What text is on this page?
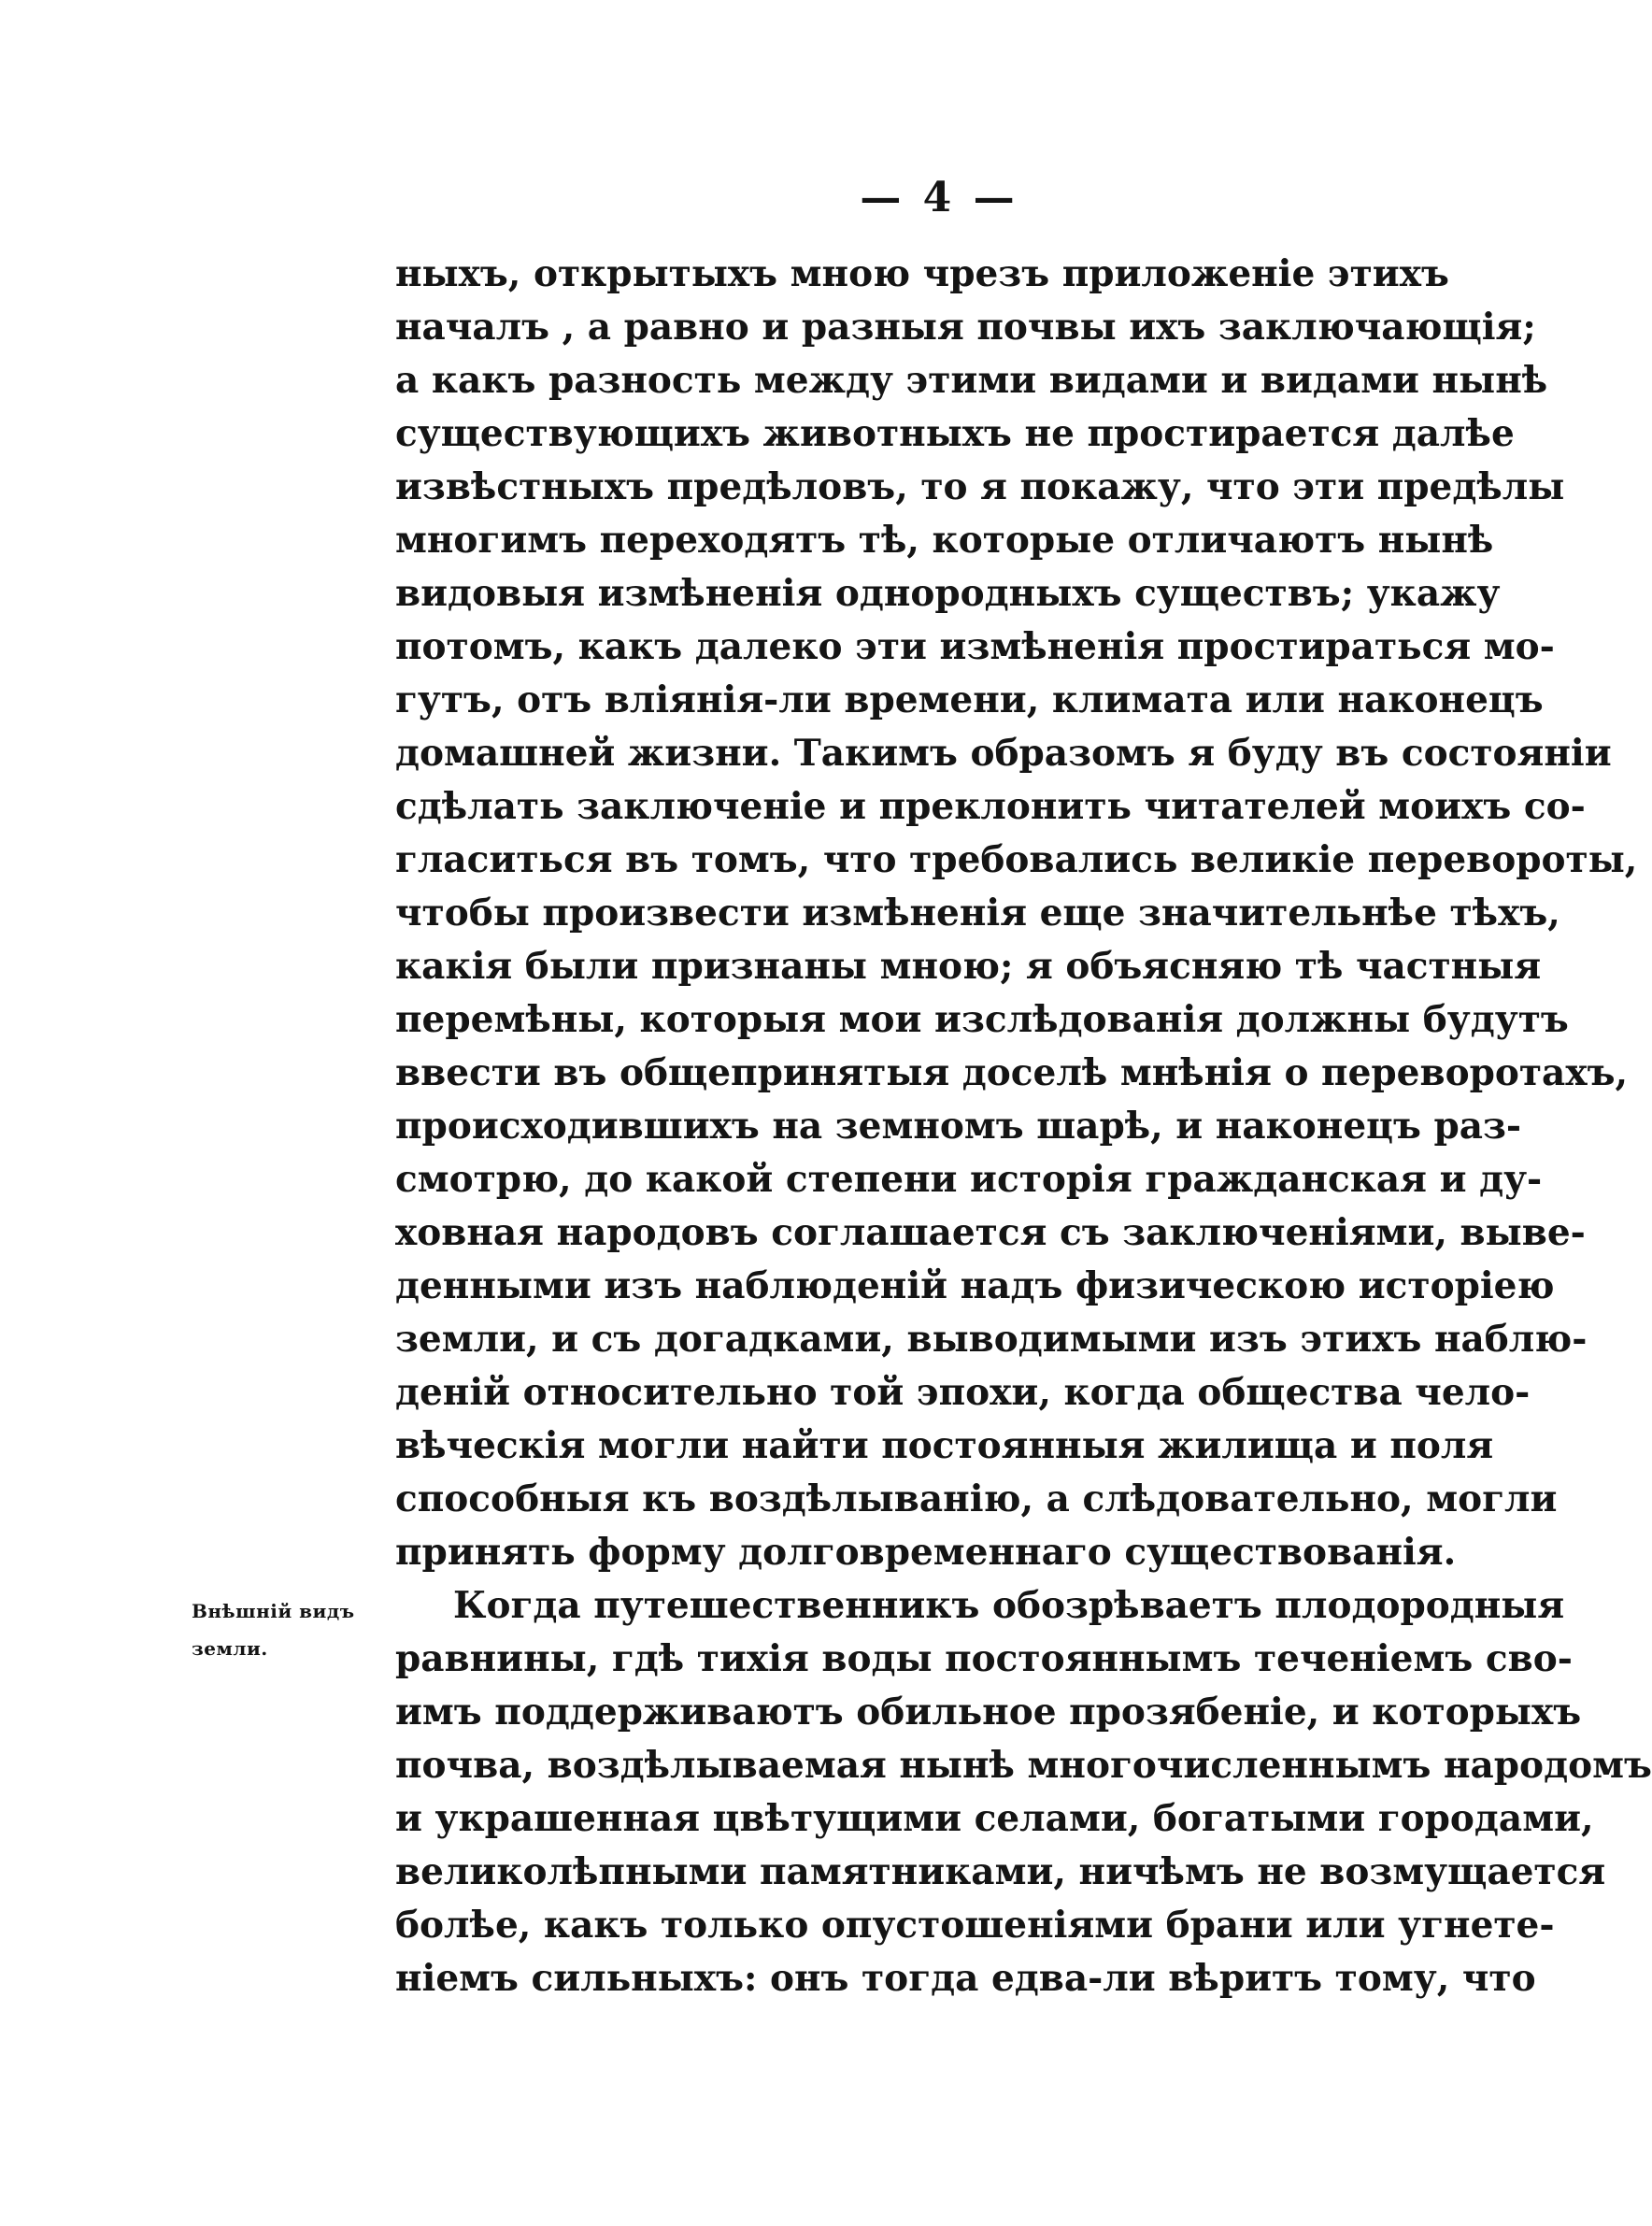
— 4 —
Внѣшній видъ
земли.
ныхъ, открытыхъ мною чрезъ приложеніе этихъ
началъ , а равно и разныя почвы ихъ заключающія;
а какъ разность между этими видами и видами нынѣ
существующихъ животныхъ не простирается далѣе
извѣстныхъ предѣловъ, то я покажу, что эти предѣлы
многимъ переходятъ тѣ, которые отличаютъ нынѣ
видовыя измѣненія однородныхъ существъ; укажу
потомъ, какъ далеко эти измѣненія простираться мо-
гутъ, отъ вліянія-ли времени, климата или наконецъ
домашней жизни. Такимъ образомъ я буду въ состояніи
сдѣлать заключеніе и преклонить читателей моихъ со-
гласиться въ томъ, что требовались великіе перевороты,
чтобы произвести измѣненія еще значительнѣе тѣхъ,
какія были признаны мною; я объясняю тѣ частныя
перемѣны, которыя мои изслѣдованія должны будутъ
ввести въ общепринятыя доселѣ мнѣнія о переворотахъ,
происходившихъ на земномъ шарѣ, и наконецъ раз-
смотрю, до какой степени исторія гражданская и ду-
ховная народовъ соглашается съ заключеніями, выве-
денными изъ наблюденій надъ физическою исторіею
земли, и съ догадками, выводимыми изъ этихъ наблю-
деній относительно той эпохи, когда общества чело-
вѣческія могли найти постоянныя жилища и поля
способныя къ воздѣлыванію, а слѣдовательно, могли
принять форму долговременнаго существованія.
Когда путешественникъ обозрѣваетъ плодородныя
равнины, гдѣ тихія воды постояннымъ теченіемъ сво-
имъ поддерживаютъ обильное прозябеніе, и которыхъ
почва, воздѣлываемая нынѣ многочисленнымъ народомъ
и украшенная цвѣтущими селами, богатыми городами,
великолѣпными памятниками, ничѣмъ не возмущается
болѣе, какъ только опустошеніями брани или угнете-
ніемъ сильныхъ: онъ тогда едва-ли вѣритъ тому, что
